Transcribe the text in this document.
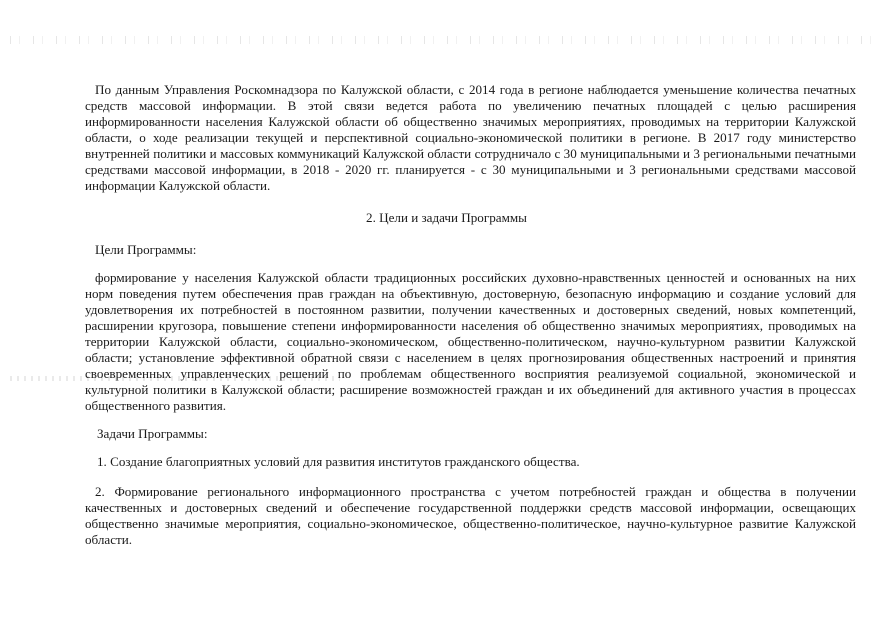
По данным Управления Роскомнадзора по Калужской области, с 2014 года в регионе наблюдается уменьшение количества печатных средств массовой информации. В этой связи ведется работа по увеличению печатных площадей с целью расширения информированности населения Калужской области об общественно значимых мероприятиях, проводимых на территории Калужской области, о ходе реализации текущей и перспективной социально-экономической политики в регионе. В 2017 году министерство внутренней политики и массовых коммуникаций Калужской области сотрудничало с 30 муниципальными и 3 региональными печатными средствами массовой информации, в 2018 - 2020 гг. планируется - с 30 муниципальными и 3 региональными средствами массовой информации Калужской области.

2. Цели и задачи Программы

Цели Программы:

формирование у населения Калужской области традиционных российских духовно-нравственных ценностей и основанных на них норм поведения путем обеспечения прав граждан на объективную, достоверную, безопасную информацию и создание условий для удовлетворения их потребностей в постоянном развитии, получении качественных и достоверных сведений, новых компетенций, расширении кругозора, повышение степени информированности населения об общественно значимых мероприятиях, проводимых на территории Калужской области, социально-экономическом, общественно-политическом, научно-культурном развитии Калужской области; установление эффективной обратной связи с населением в целях прогнозирования общественных настроений и принятия своевременных управленческих решений по проблемам общественного восприятия реализуемой социальной, экономической и культурной политики в Калужской области; расширение возможностей граждан и их объединений для активного участия в процессах общественного развития.

Задачи Программы:

1. Создание благоприятных условий для развития институтов гражданского общества.

2. Формирование регионального информационного пространства с учетом потребностей граждан и общества в получении качественных и достоверных сведений и обеспечение государственной поддержки средств массовой информации, освещающих общественно значимые мероприятия, социально-экономическое, общественно-политическое, научно-культурное развитие Калужской области.
